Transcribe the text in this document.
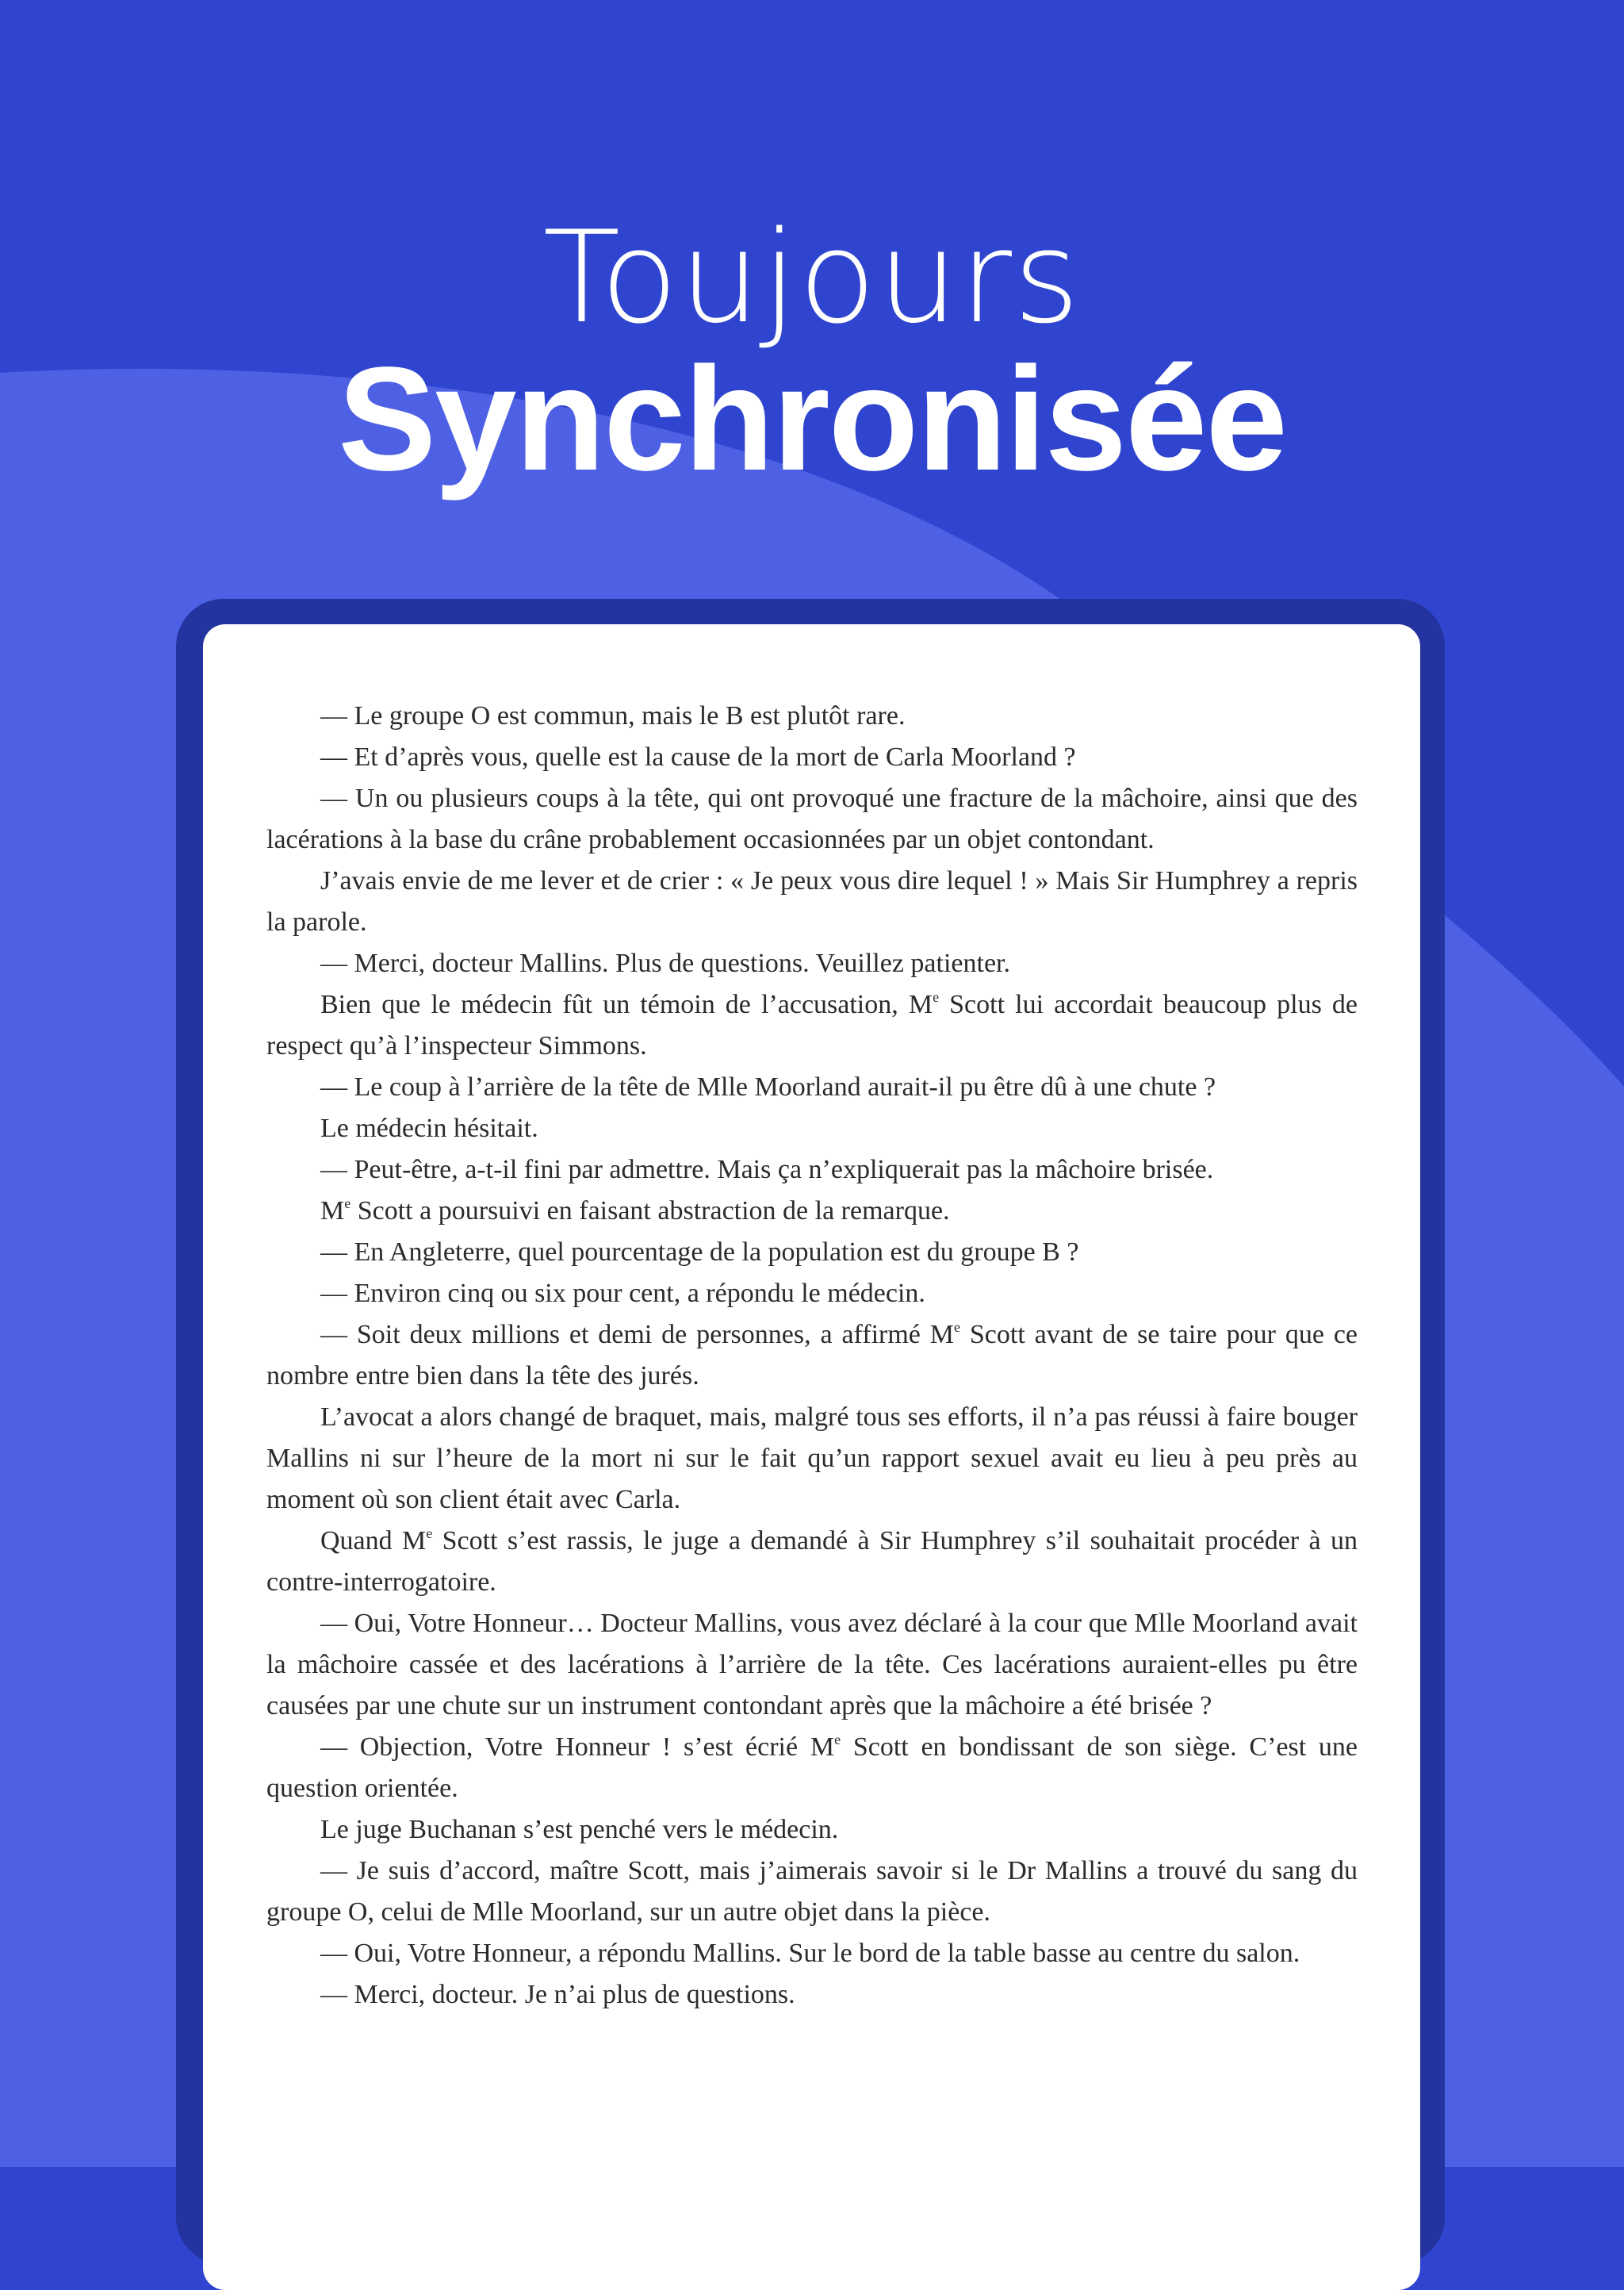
Toujours
Synchronisée

— Le groupe O est commun, mais le B est plutôt rare.

— Et d’après vous, quelle est la cause de la mort de Carla Moorland ?

— Un ou plusieurs coups à la tête, qui ont provoqué une fracture de la mâchoire, ainsi que des lacérations à la base du crâne probablement occasionnées par un objet contondant.

J’avais envie de me lever et de crier : « Je peux vous dire lequel ! » Mais Sir Humphrey a repris la parole.

— Merci, docteur Mallins. Plus de questions. Veuillez patienter.

Bien que le médecin fût un témoin de l’accusation, Me Scott lui accordait beaucoup plus de respect qu’à l’inspecteur Simmons.

— Le coup à l’arrière de la tête de Mlle Moorland aurait-il pu être dû à une chute ?

Le médecin hésitait.

— Peut-être, a-t-il fini par admettre. Mais ça n’expliquerait pas la mâchoire brisée.

Me Scott a poursuivi en faisant abstraction de la remarque.

— En Angleterre, quel pourcentage de la population est du groupe B ?

— Environ cinq ou six pour cent, a répondu le médecin.

— Soit deux millions et demi de personnes, a affirmé Me Scott avant de se taire pour que ce nombre entre bien dans la tête des jurés.

L’avocat a alors changé de braquet, mais, malgré tous ses efforts, il n’a pas réussi à faire bouger Mallins ni sur l’heure de la mort ni sur le fait qu’un rapport sexuel avait eu lieu à peu près au moment où son client était avec Carla.

Quand Me Scott s’est rassis, le juge a demandé à Sir Humphrey s’il souhaitait procéder à un contre-interrogatoire.

— Oui, Votre Honneur… Docteur Mallins, vous avez déclaré à la cour que Mlle Moorland avait la mâchoire cassée et des lacérations à l’arrière de la tête. Ces lacérations auraient-elles pu être causées par une chute sur un instrument contondant après que la mâchoire a été brisée ?

— Objection, Votre Honneur ! s’est écrié Me Scott en bondissant de son siège. C’est une question orientée.

Le juge Buchanan s’est penché vers le médecin.

— Je suis d’accord, maître Scott, mais j’aimerais savoir si le Dr Mallins a trouvé du sang du groupe O, celui de Mlle Moorland, sur un autre objet dans la pièce.

— Oui, Votre Honneur, a répondu Mallins. Sur le bord de la table basse au centre du salon.

— Merci, docteur. Je n’ai plus de questions.
